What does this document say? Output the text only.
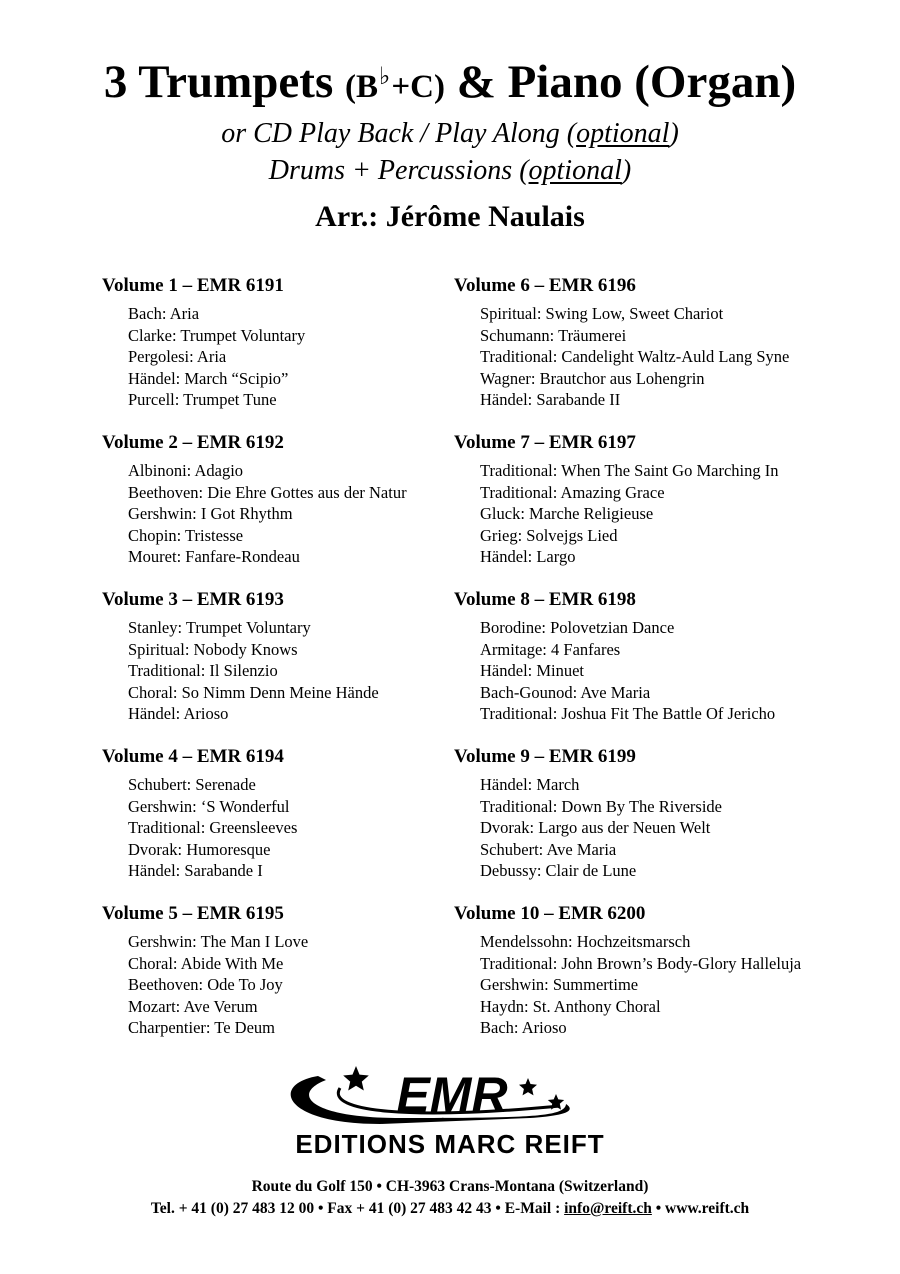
3 Trumpets (B♭+C) & Piano (Organ)
or CD Play Back / Play Along (optional)
Drums + Percussions (optional)
Arr.: Jérôme Naulais
Volume 1 – EMR 6191
Bach: Aria
Clarke: Trumpet Voluntary
Pergolesi: Aria
Händel: March “Scipio”
Purcell: Trumpet Tune
Volume 2 – EMR 6192
Albinoni: Adagio
Beethoven: Die Ehre Gottes aus der Natur
Gershwin: I Got Rhythm
Chopin: Tristesse
Mouret: Fanfare-Rondeau
Volume 3 – EMR 6193
Stanley: Trumpet Voluntary
Spiritual: Nobody Knows
Traditional: Il Silenzio
Choral: So Nimm Denn Meine Hände
Händel: Arioso
Volume 4 – EMR 6194
Schubert: Serenade
Gershwin: ‘S Wonderful
Traditional: Greensleeves
Dvorak: Humoresque
Händel: Sarabande I
Volume 5 – EMR 6195
Gershwin: The Man I Love
Choral: Abide With Me
Beethoven: Ode To Joy
Mozart: Ave Verum
Charpentier: Te Deum
Volume 6 – EMR 6196
Spiritual: Swing Low, Sweet Chariot
Schumann: Träumerei
Traditional: Candelight Waltz-Auld Lang Syne
Wagner: Brautchor aus Lohengrin
Händel: Sarabande II
Volume 7 – EMR 6197
Traditional: When The Saint Go Marching In
Traditional: Amazing Grace
Gluck: Marche Religieuse
Grieg: Solvejgs Lied
Händel: Largo
Volume 8 – EMR 6198
Borodine: Polovetzian Dance
Armitage: 4 Fanfares
Händel: Minuet
Bach-Gounod: Ave Maria
Traditional: Joshua Fit The Battle Of Jericho
Volume 9 – EMR 6199
Händel: March
Traditional: Down By The Riverside
Dvorak: Largo aus der Neuen Welt
Schubert: Ave Maria
Debussy: Clair de Lune
Volume 10 – EMR 6200
Mendelssohn: Hochzeitsmarsch
Traditional: John Brown’s Body-Glory Halleluja
Gershwin: Summertime
Haydn: St. Anthony Choral
Bach: Arioso
EMR
EDITIONS MARC REIFT
Route du Golf 150 • CH-3963 Crans-Montana (Switzerland)
Tel. + 41 (0) 27 483 12 00 • Fax + 41 (0) 27 483 42 43 • E-Mail : info@reift.ch • www.reift.ch
